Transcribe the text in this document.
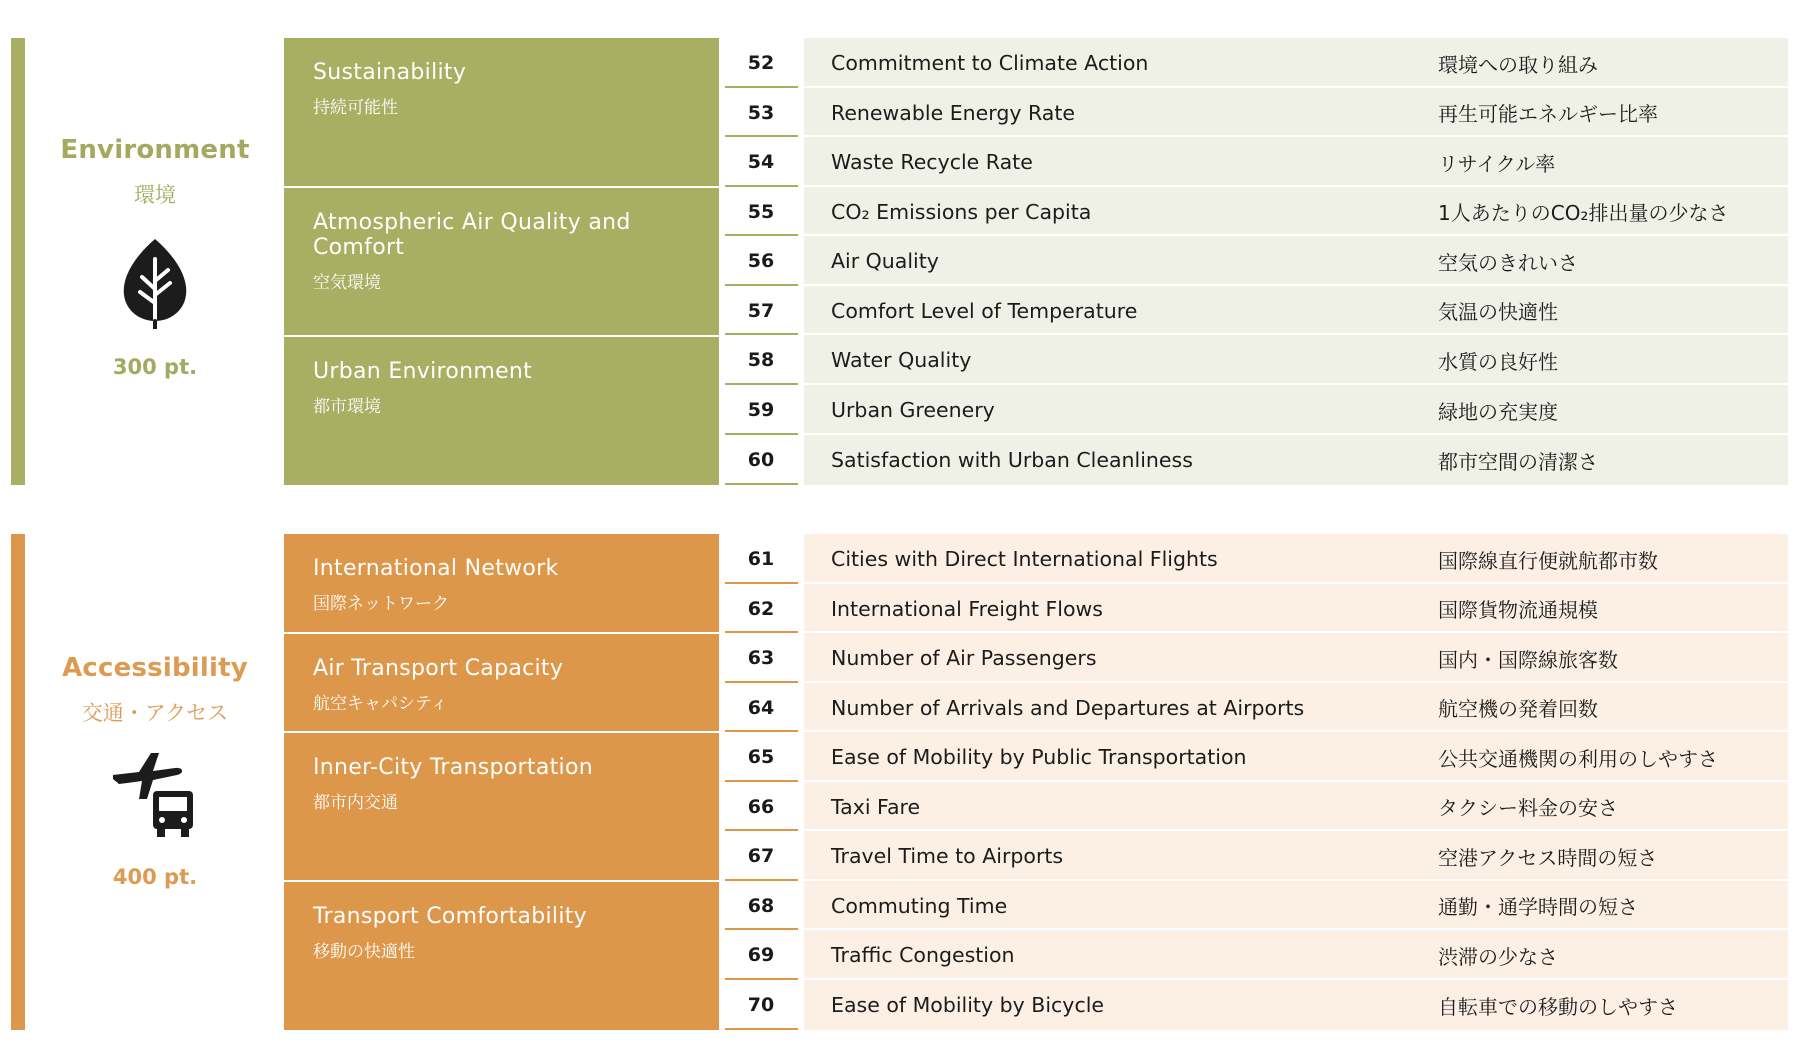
Environment
環境
300 pt.
Sustainability
持続可能性
Atmospheric Air Quality and Comfort
空気環境
Urban Environment
都市環境
52	Commitment to Climate Action	環境への取り組み
53	Renewable Energy Rate	再生可能エネルギー比率
54	Waste Recycle Rate	リサイクル率
55	CO₂ Emissions per Capita	1人あたりのCO₂排出量の少なさ
56	Air Quality	空気のきれいさ
57	Comfort Level of Temperature	気温の快適性
58	Water Quality	水質の良好性
59	Urban Greenery	緑地の充実度
60	Satisfaction with Urban Cleanliness	都市空間の清潔さ
Accessibility
交通・アクセス
400 pt.
International Network
国際ネットワーク
Air Transport Capacity
航空キャパシティ
Inner-City Transportation
都市内交通
Transport Comfortability
移動の快適性
61	Cities with Direct International Flights	国際線直行便就航都市数
62	International Freight Flows	国際貨物流通規模
63	Number of Air Passengers	国内・国際線旅客数
64	Number of Arrivals and Departures at Airports	航空機の発着回数
65	Ease of Mobility by Public Transportation	公共交通機関の利用のしやすさ
66	Taxi Fare	タクシー料金の安さ
67	Travel Time to Airports	空港アクセス時間の短さ
68	Commuting Time	通勤・通学時間の短さ
69	Traffic Congestion	渋滞の少なさ
70	Ease of Mobility by Bicycle	自転車での移動のしやすさ
